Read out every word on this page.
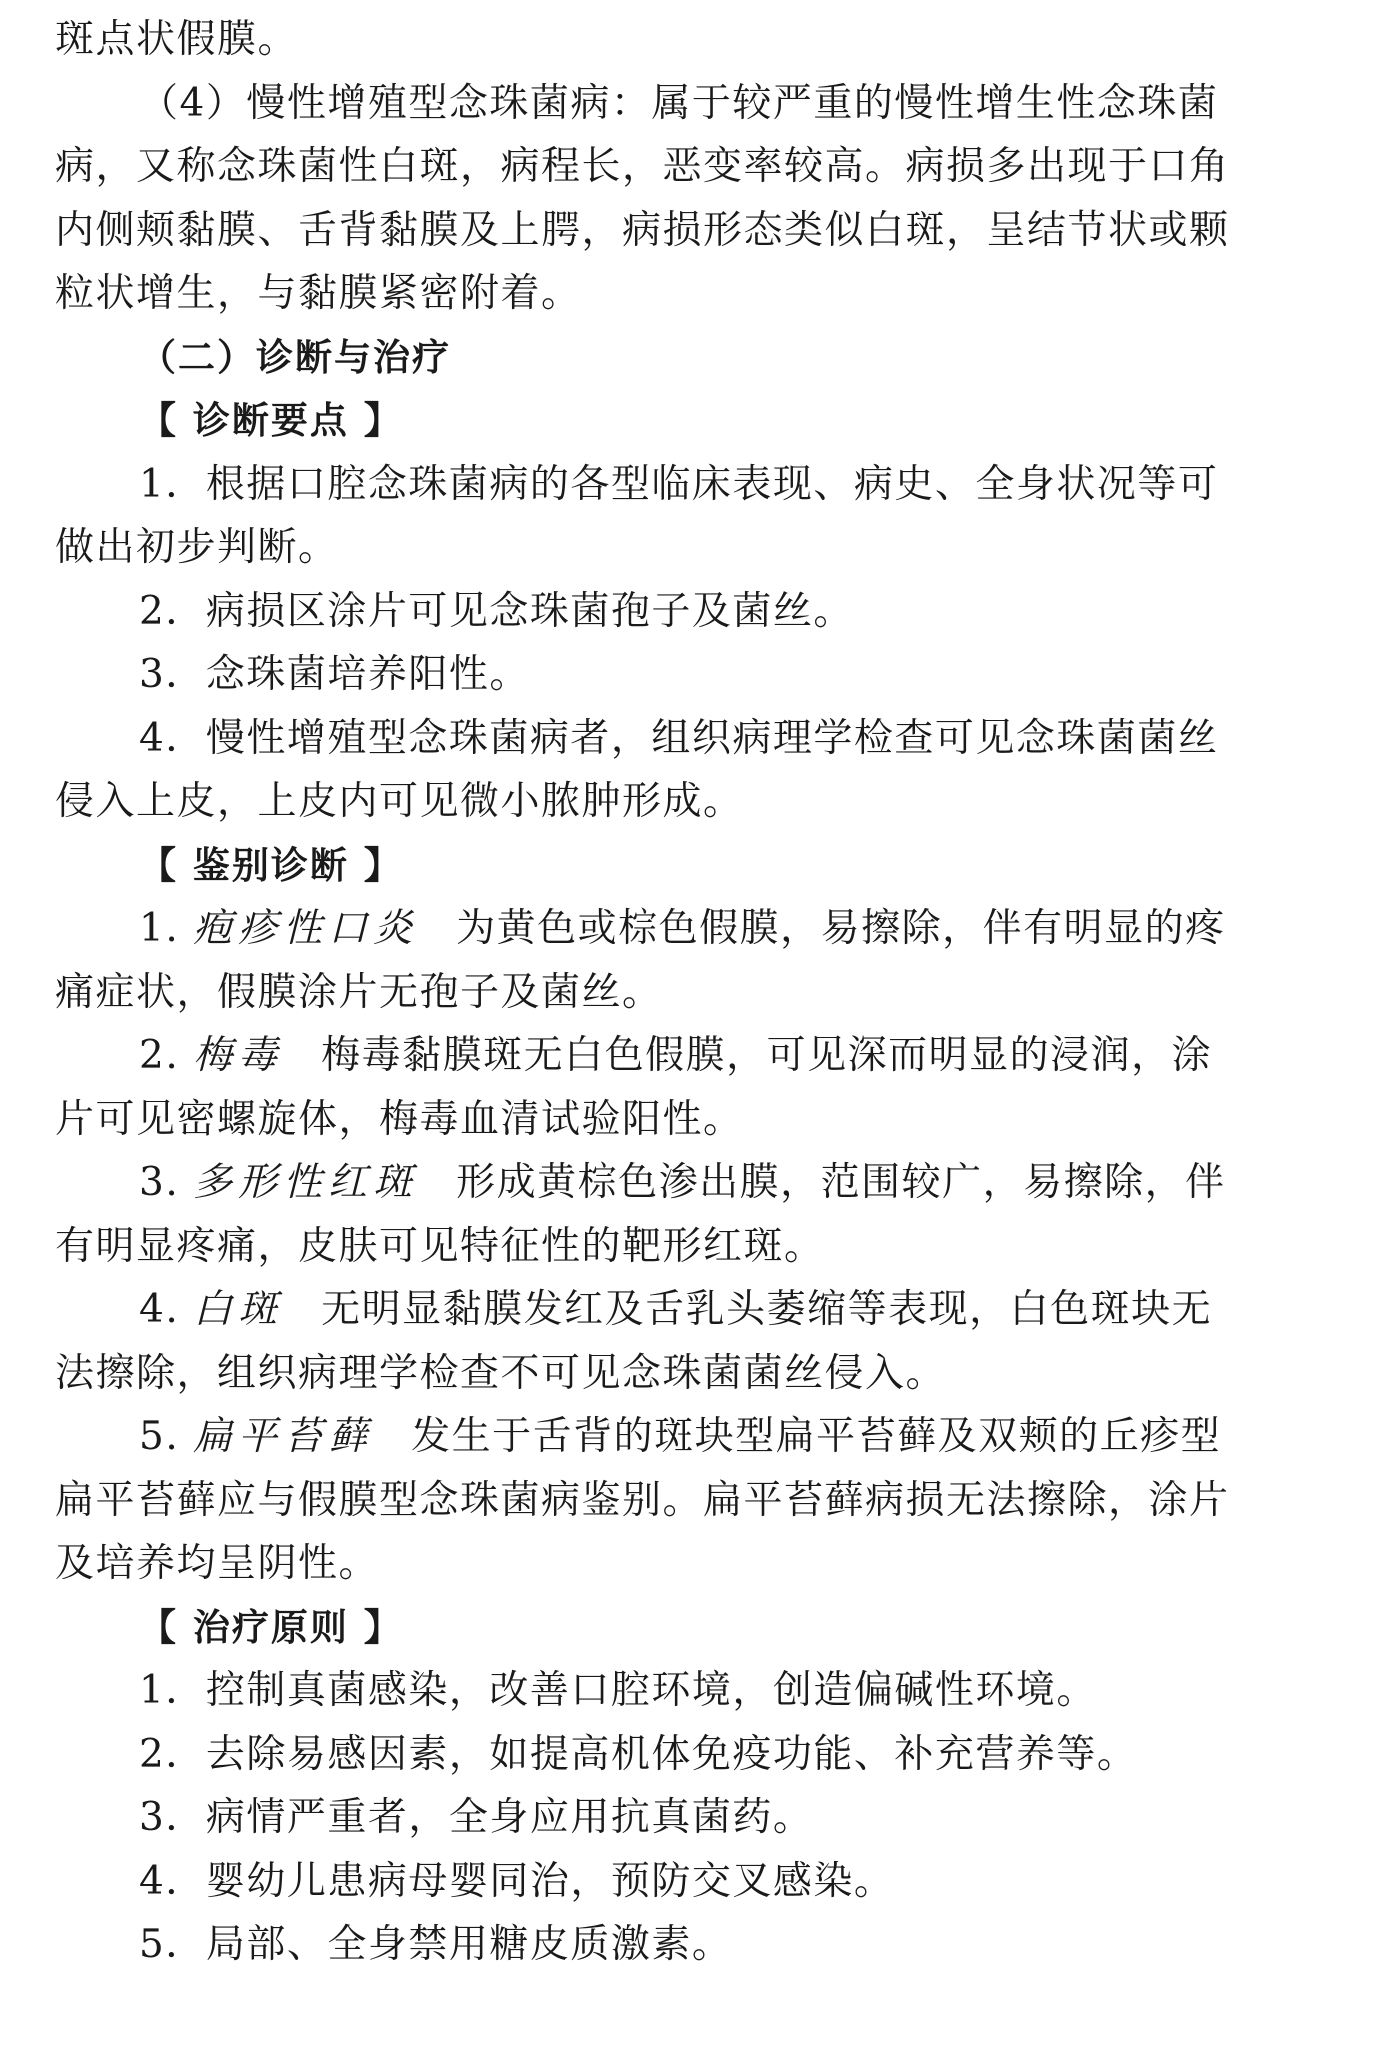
斑点状假膜。
（4）慢性增殖型念珠菌病：属于较严重的慢性增生性念珠菌
病，又称念珠菌性白斑，病程长，恶变率较高。病损多出现于口角
内侧颊黏膜、舌背黏膜及上腭，病损形态类似白斑，呈结节状或颗
粒状增生，与黏膜紧密附着。
（二）诊断与治疗
【 诊断要点 】
1．根据口腔念珠菌病的各型临床表现、病史、全身状况等可
做出初步判断。
2．病损区涂片可见念珠菌孢子及菌丝。
3．念珠菌培养阳性。
4．慢性增殖型念珠菌病者，组织病理学检查可见念珠菌菌丝
侵入上皮，上皮内可见微小脓肿形成。
【 鉴别诊断 】
1. 疱疹性口炎 为黄色或棕色假膜，易擦除，伴有明显的疼
痛症状，假膜涂片无孢子及菌丝。
2. 梅毒 梅毒黏膜斑无白色假膜，可见深而明显的浸润，涂
片可见密螺旋体，梅毒血清试验阳性。
3. 多形性红斑 形成黄棕色渗出膜，范围较广，易擦除，伴
有明显疼痛，皮肤可见特征性的靶形红斑。
4. 白斑 无明显黏膜发红及舌乳头萎缩等表现，白色斑块无
法擦除，组织病理学检查不可见念珠菌菌丝侵入。
5. 扁平苔藓 发生于舌背的斑块型扁平苔藓及双颊的丘疹型
扁平苔藓应与假膜型念珠菌病鉴别。扁平苔藓病损无法擦除，涂片
及培养均呈阴性。
【 治疗原则 】
1．控制真菌感染，改善口腔环境，创造偏碱性环境。
2．去除易感因素，如提高机体免疫功能、补充营养等。
3．病情严重者，全身应用抗真菌药。
4．婴幼儿患病母婴同治，预防交叉感染。
5．局部、全身禁用糖皮质激素。
